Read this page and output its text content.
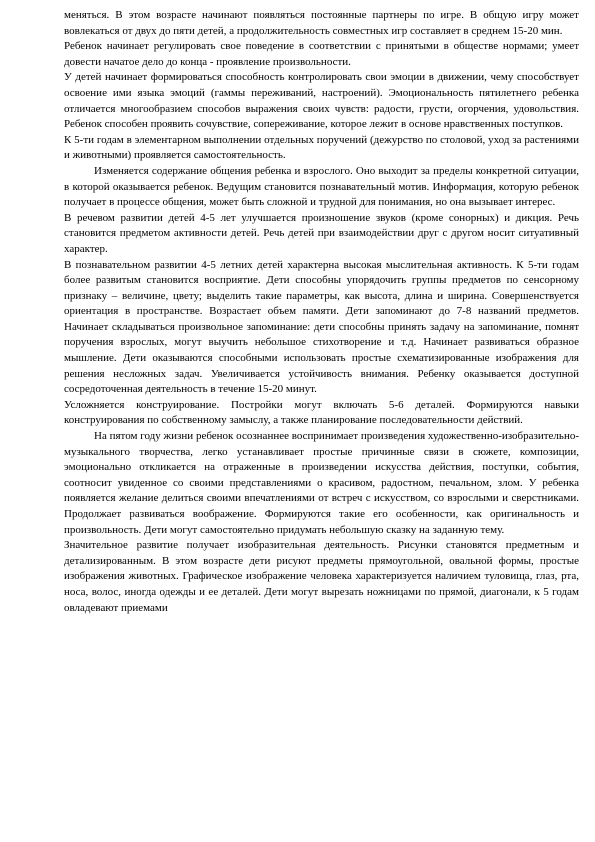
меняться. В этом возрасте начинают появляться постоянные партнеры по игре. В общую игру может вовлекаться от двух до пяти детей, а продолжительность совместных игр составляет в среднем 15-20 мин.

Ребенок начинает регулировать свое поведение в соответствии с принятыми в обществе нормами; умеет довести начатое дело до конца - проявление произвольности.

У детей начинает формироваться способность контролировать свои эмоции в движении, чему способствует освоение ими языка эмоций (гаммы переживаний, настроений). Эмоциональность пятилетнего ребенка отличается многообразием способов выражения своих чувств: радости, грусти, огорчения, удовольствия. Ребенок способен проявить сочувствие, сопереживание, которое лежит в основе нравственных поступков.

К 5-ти годам в элементарном выполнении отдельных поручений (дежурство по столовой, уход за растениями и животными) проявляется самостоятельность.

Изменяется содержание общения ребенка и взрослого. Оно выходит за пределы конкретной ситуации, в которой оказывается ребенок. Ведущим становится познавательный мотив. Информация, которую ребенок получает в процессе общения, может быть сложной и трудной для понимания, но она вызывает интерес.

В речевом развитии детей 4-5 лет улучшается произношение звуков (кроме сонорных) и дикция. Речь становится предметом активности детей. Речь детей при взаимодействии друг с другом носит ситуативный характер.

В познавательном развитии 4-5 летних детей характерна высокая мыслительная активность. К 5-ти годам более развитым становится восприятие. Дети способны упорядочить группы предметов по сенсорному признаку – величине, цвету; выделить такие параметры, как высота, длина и ширина. Совершенствуется ориентация в пространстве. Возрастает объем памяти. Дети запоминают до 7-8 названий предметов. Начинает складываться произвольное запоминание: дети способны принять задачу на запоминание, помнят поручения взрослых, могут выучить небольшое стихотворение и т.д. Начинает развиваться образное мышление. Дети оказываются способными использовать простые схематизированные изображения для решения несложных задач. Увеличивается устойчивость внимания. Ребенку оказывается доступной сосредоточенная деятельность в течение 15-20 минут.

Усложняется конструирование. Постройки могут включать 5-6 деталей. Формируются навыки конструирования по собственному замыслу, а также планирование последовательности действий.

На пятом году жизни ребенок осознаннее воспринимает произведения художественно-изобразительно-музыкального творчества, легко устанавливает простые причинные связи в сюжете, композиции, эмоционально откликается на отраженные в произведении искусства действия, поступки, события, соотносит увиденное со своими представлениями о красивом, радостном, печальном, злом. У ребенка появляется желание делиться своими впечатлениями от встреч с искусством, со взрослыми и сверстниками. Продолжает развиваться воображение. Формируются такие его особенности, как оригинальность и произвольность. Дети могут самостоятельно придумать небольшую сказку на заданную тему.

Значительное развитие получает изобразительная деятельность. Рисунки становятся предметным и детализированным. В этом возрасте дети рисуют предметы прямоугольной, овальной формы, простые изображения животных. Графическое изображение человека характеризуется наличием туловища, глаз, рта, носа, волос, иногда одежды и ее деталей. Дети могут вырезать ножницами по прямой, диагонали, к 5 годам овладевают приемами
